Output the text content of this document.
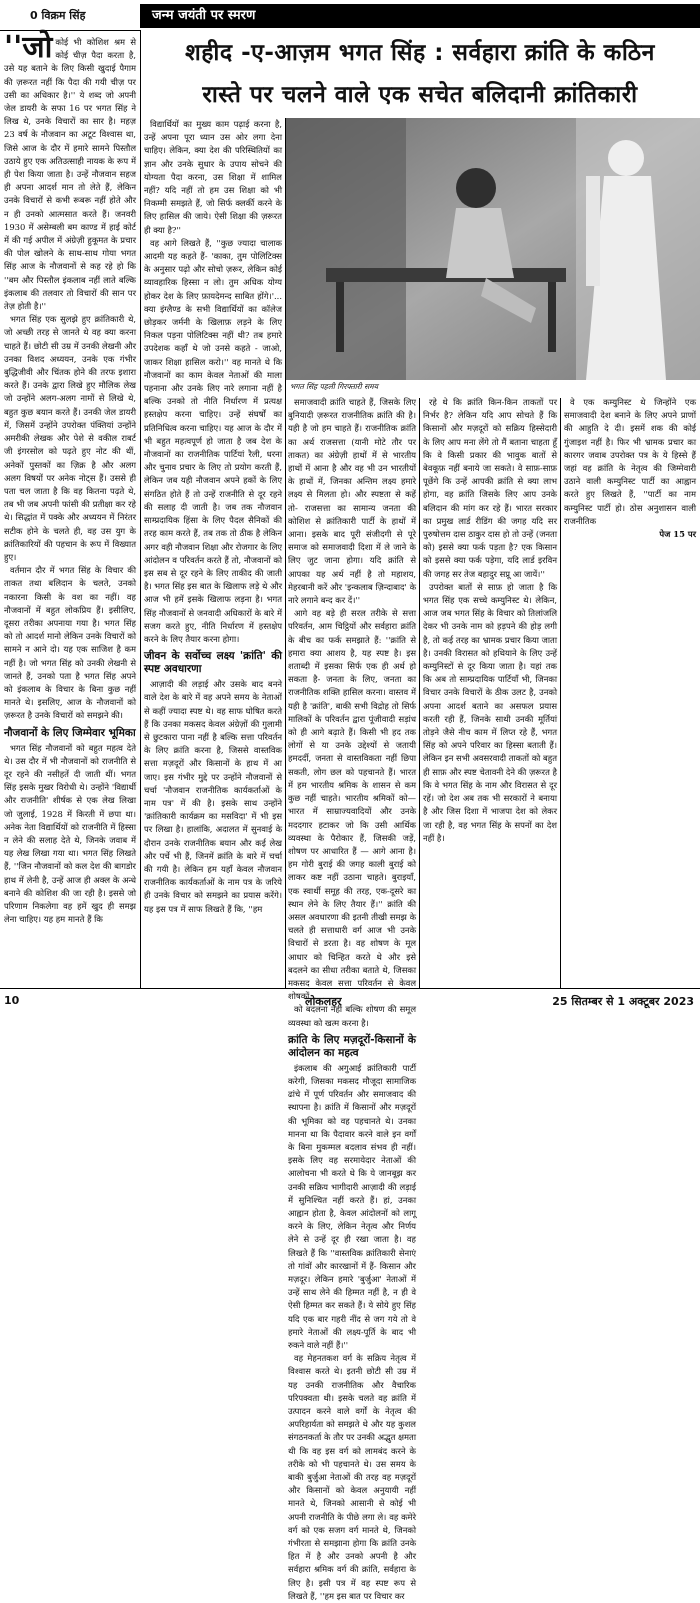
0 विक्रम सिंह	जन्म जयंती पर स्मरण
शहीद -ए-आज़म भगत सिंह : सर्वहारा क्रांति के कठिन
रास्ते पर चलने वाले एक सचेत बलिदानी क्रांतिकारी

''जो कोई भी कोशिश श्रम से कोई चीज़ पैदा करता है, उसे यह बताने के लिए किसी खुदाई पैगाम की ज़रूरत नहीं कि पैदा की गयी चीज़ पर उसी का अधिकार है।'' ये शब्द जो अपनी जेल डायरी के सफा 16 पर भगत सिंह ने लिख थे, उनके विचारों का सार है। महज़ 23 वर्ष के नौजवान का अटूट विश्वास था, जिसे आज के दौर में हमारे सामने पिस्तौल उठाये हुए एक अतिउत्साही नायक के रूप में ही पेश किया जाता है। उन्हें नौजवान सहज ही अपना आदर्श मान तो लेते हैं, लेकिन उनके विचारों से कभी रूबरू नहीं होते और न ही उनको आत्मसात करते हैं। जनवरी 1930 में असेम्बली बम काण्ड में हाई कोर्ट में की गई अपील में अंग्रेज़ी हुकूमत के प्रचार की पोल खोलने के साथ-साथ गोया भगत सिंह आज के नौजवानों से कह रहे हो कि ''बम और पिस्तौल इंकलाब नहीं लाते बल्कि इंकलाब की तलवार तो विचारों की सान पर तेज़ होती है।''

भगत सिंह एक सुलझे हुए क्रांतिकारी थे, जो अच्छी तरह से जानते थे वह क्या करना चाहते हैं। छोटी सी उम्र में उनकी लेखनी और उनका विशद अध्ययन, उनके एक गंभीर बुद्धिजीवी और चिंतक होने की तरफ इशारा करते हैं। उनके द्वारा लिखे हुए मौलिक लेख जो उन्होंने अलग-अलग नामों से लिखे थे, बहुत कुछ बयान करते हैं। उनकी जेल डायरी में, जिसमें उन्होंने उपरोक्त पंक्तियां उन्होंने अमरीकी लेखक और पेशे से वकील राबर्ट जी इंगरसोल को पढ़ते हुए नोट की थीं, अनेकों पुस्तकों का ज़िक्र है और अलग अलग विषयों पर अनेक नोट्स हैं। उससे ही पता चल जाता है कि वह कितना पढ़ते थे, तब भी जब अपनी फांसी की प्रतीक्षा कर रहे थे। सिद्धांत में पक्के और अध्ययन में निरंतर सटीक होने के चलते ही, वह उस युग के क्रांतिकारियों की पहचान के रूप में विख्यात हुए।

वर्तमान दौर में भगत सिंह के विचार की ताकत तथा बलिदान के चलते, उनको नकारना किसी के वश का नहीं। वह नौजवानों में बहुत लोकप्रिय हैं। इसीलिए, दूसरा तरीका अपनाया गया है। भगत सिंह को तो आदर्श मानो लेकिन उनके विचारों को सामने न आने दो। यह एक साजिश है कम नहीं है। जो भगत सिंह को उनकी लेखनी से जानते हैं, उनको पता है भगत सिंह अपने को इंकलाब के विचार के बिना कुछ नहीं मानते थे। इसलिए, आज के नौजवानों को ज़रूरत है उनके विचारों को समझने की।

नौजवानों के लिए जिम्मेवार भूमिका

भगत सिंह नौजवानों को बहुत महत्व देते थे। उस दौर में भी नौजवानों को राजनीति से दूर रहने की नसीहतें दी जाती थीं। भगत सिंह इसके मुखर विरोधी थे। उन्होंने 'विद्यार्थी और राजनीति' शीर्षक से एक लेख लिखा जो जुलाई, 1928 में किरती में छपा था। अनेक नेता विद्यार्थियों को राजनीति में हिस्सा न लेने की सलाह देते थे, जिनके जवाब में यह लेख लिखा गया था। भगत सिंह लिखते हैं, ''जिन नौजवानों को कल देश की बागडोर हाथ में लेनी है, उन्हें आज ही अक्ल के अन्धे बनाने की कोशिश की जा रही है। इससे जो परिणाम निकलेगा वह हमें खुद ही समझ लेना चाहिए। यह हम मानते हैं कि

विद्यार्थियों का मुख्य काम पढ़ाई करना है, उन्हें अपना पूरा ध्यान उस ओर लगा देना चाहिए। लेकिन, क्या देश की परिस्थितियों का ज्ञान और उनके सुधार के उपाय सोचने की योग्यता पैदा करना, उस शिक्षा में शामिल नहीं? यदि नहीं तो हम उस शिक्षा को भी निकम्मी समझते हैं, जो सिर्फ क्लर्की करने के लिए हासिल की जाये। ऐसी शिक्षा की ज़रूरत ही क्या है?''

वह आगे लिखते हैं, ''कुछ ज्यादा चालाक आदमी यह कहते हैं- 'काका, तुम पोलिटिक्स के अनुसार पढ़ो और सोचो ज़रूर, लेकिन कोई व्यावहारिक हिस्सा न लो। तुम अधिक योग्य होकर देश के लिए फ़ायदेमन्द साबित होंगे।'... क्या इंग्लैण्ड के सभी विद्यार्थियों का कॉलेज छोड़कर जर्मनी के खिलाफ़ लड़ने के लिए निकल पड़ना पोलिटिक्स नहीं थी? तब हमारे उपदेशक कहाँ थे जो उनसे कहते - जाओ, जाकर शिक्षा हासिल करो।'' वह मानते थे कि नौजवानों का काम केवल नेताओं की माला पहनाना और उनके लिए नारे लगाना नहीं है बल्कि उनको तो नीति निर्धारण में प्रत्यक्ष हस्तक्षेप करना चाहिए। उन्हें संघर्षों का प्रतिनिधित्व करना चाहिए। यह आज के दौर में भी बहुत महत्वपूर्ण हो जाता है जब देश के नौजवानों का राजनीतिक पार्टियां रैली, धरना और चुनाव प्रचार के लिए तो प्रयोग करती हैं, लेकिन जब यही नौजवान अपने हकों के लिए संगठित होते हैं तो उन्हें राजनीति से दूर रहने की सलाह दी जाती है। जब तक नौजवान साम्प्रदायिक हिंसा के लिए पैदल सैनिकों की तरह काम करते हैं, तब तक तो ठीक है लेकिन अगर वही नौजवान शिक्षा और रोजगार के लिए आंदोलन व परिवर्तन करते हैं तो, नौजवानों को इस सब से दूर रहने के लिए ताकीद की जाती है। भगत सिंह इस बात के खिलाफ लड़े थे और आज भी हमें इसके खिलाफ लड़ना है। भगत सिंह नौजवानों से जनवादी अधिकारों के बारे में सजग करते हुए, नीति निर्धारण में हस्तक्षेप करने के लिए तैयार करना होगा।

जीवन के सर्वोच्च लक्ष्य 'क्रांति' की स्पष्ट अवधारणा

आज़ादी की लड़ाई और उसके बाद बनने वाले देश के बारे में वह अपने समय के नेताओं से कहीं ज्यादा स्पष्ट थे। वह साफ घोषित करते हैं कि उनका मकसद केवल अंग्रेज़ों की गुलामी से छुटकारा पाना नहीं है बल्कि सत्ता परिवर्तन के लिए क्रांति करना है, जिससे वास्तविक सत्ता मज़दूरों और किसानों के हाथ में आ जाए। इस गंभीर मुद्दे पर उन्होंने नौजवानों से चर्चा 'नौजवान राजनीतिक कार्यकर्ताओं के नाम पत्र' में की है। इसके साथ उन्होंने 'क्रांतिकारी कार्यक्रम का मसविदा' में भी इस पर लिखा है। हालांकि, अदालत में सुनवाई के दौरान उनके राजनीतिक बयान और कई लेख और पर्चे भी हैं, जिनमें क्रांति के बारे में चर्चा की गयी है। लेकिन हम यहाँ केवल नौजवान राजनीतिक कार्यकर्ताओं के नाम पत्र के जरिये ही उनके विचार को समझने का प्रयास करेंगे। यह इस पत्र में साफ लिखते हैं कि, ''हम

भगत सिंह पहली गिरफ्तारी समय

समाजवादी क्रांति चाहते हैं, जिसके लिए बुनियादी ज़रूरत राजनीतिक क्रांति की है। यही है जो हम चाहते हैं। राजनीतिक क्रांति का अर्थ राजसत्ता (यानी मोटे तौर पर ताकत) का अंग्रेज़ी हाथों में से भारतीय हाथों में आना है और वह भी उन भारतीयों के हाथों में, जिनका अन्तिम लक्ष्य हमारे लक्ष्य से मिलता हो। और स्पष्टता से कहें तो- राजसत्ता का सामान्य जनता की कोशिश से क्रांतिकारी पार्टी के हाथों में आना। इसके बाद पूरी संजीदगी से पूरे समाज को समाजवादी दिशा में ले जाने के लिए जुट जाना होगा। यदि क्रांति से आपका यह अर्थ नहीं है तो महाशय, मेहरबानी करें और 'इन्कलाब ज़िन्दाबाद' के नारे लगाने बन्द कर दें।''

आगे वह बड़े ही सरल तरीके से सत्ता परिवर्तन, आम चिट्ठियों और सर्वहारा क्रांति के बीच का फर्क समझाते हैं: ''क्रांति से हमारा क्या आशय है, यह स्पष्ट है। इस शताब्दी में इसका सिर्फ एक ही अर्थ हो सकता है- जनता के लिए, जनता का राजनीतिक शक्ति हासिल करना। वास्तव में यही है 'क्रांति', बाकी सभी विद्रोह तो सिर्फ मालिकों के परिवर्तन द्वारा पूंजीवादी सड़ांध को ही आगे बढ़ाते हैं। किसी भी हद तक लोगों से या उनके उद्देश्यों से जतायी हमदर्दी, जनता से वास्तविकता नहीं छिपा सकती, लोग छल को पहचानते हैं। भारत में हम भारतीय श्रमिक के शासन से कम कुछ नहीं चाहते। भारतीय श्रमिकों को— भारत में साम्राज्यवादियों और उनके मददगार हटाकर जो कि उसी आर्थिक व्यवस्था के पैरोकार हैं, जिसकी जड़ें, शोषण पर आधारित हैं — आगे आना है। हम गोरी बुराई की जगह काली बुराई को लाकर कष्ट नहीं उठाना चाहते। बुराइयाँ, एक स्वार्थी समूह की तरह, एक-दूसरे का स्थान लेने के लिए तैयार हैं।'' क्रांति की असल अवधारणा की इतनी तीखी समझ के चलते ही सत्ताधारी वर्ग आज भी उनके विचारों से डरता है। वह शोषण के मूल आधार को चिन्हित करते थे और इसे बदलने का सीधा तरीका बताते थे, जिसका मकसद केवल सत्ता परिवर्तन से केवल शोषकों

को बदलना नहीं बल्कि शोषण की समूल व्यवस्था को खत्म करना है।

क्रांति के लिए मज़दूरों-किसानों के आंदोलन का महत्व

इंकलाब की अगुआई क्रांतिकारी पार्टी करेगी, जिसका मकसद मौजूदा सामाजिक ढांचे में पूर्ण परिवर्तन और समाजवाद की स्थापना है। क्रांति में किसानों और मज़दूरों की भूमिका को वह पहचानते थे। उनका मानना था कि पैदावार करने वाले इन वर्गों के बिना मुकम्मल बदलाव संभव ही नहीं। इसके लिए वह सरमायेदार नेताओं की आलोचना भी करते थे कि ये जानबूझ कर उनकी सक्रिय भागीदारी आज़ादी की लड़ाई में सुनिश्चित नहीं करते हैं। हां, उनका आह्वान होता है, केवल आंदोलनों को लागू करने के लिए, लेकिन नेतृत्व और निर्णय लेने से उन्हें दूर ही रखा जाता है। वह लिखते हैं कि ''वास्तविक क्रांतिकारी सेनाएं तो गांवों और कारखानों में हैं- किसान और मज़दूर। लेकिन हमारे 'बुर्जुआ' नेताओं में उन्हें साथ लेने की हिम्मत नहीं है, न ही वे ऐसी हिम्मत कर सकते हैं। ये सोये हुए सिंह यदि एक बार गहरी नींद से जग गये तो वे हमारे नेताओं की लक्ष्य-पूर्ति के बाद भी रुकने वाले नहीं हैं।''

वह मेहनतकश वर्ग के सक्रिय नेतृत्व में विश्वास करते थे। इतनी छोटी सी उम्र में यह उनकी राजनीतिक और वैचारिक परिपक्वता थी। इसके चलते वह क्रांति में उत्पादन करने वाले वर्गों के नेतृत्व की अपरिहार्यता को समझते थे और यह कुशल संगठनकर्ता के तौर पर उनकी अद्भुत क्षमता थी कि वह इस वर्ग को लामबंद करने के तरीके को भी पहचानते थे। उस समय के बाकी बुर्जुआ नेताओं की तरह वह मज़दूरों और किसानों को केवल अनुयायी नहीं मानते थे, जिनको आसानी से कोई भी अपनी राजनीति के पीछे लगा ले। वह कमेरे वर्ग को एक सजग वर्ग मानते थे, जिनको गंभीरता से समझाना होगा कि क्रांति उनके हित में है और उनको अपनी है और सर्वहारा श्रमिक वर्ग की क्रांति, सर्वहारा के लिए है। इसी पत्र में वह स्पष्ट रूप से लिखते हैं, ''हम इस बात पर विचार कर

रहे थे कि क्रांति किन-किन ताकतों पर निर्भर है? लेकिन यदि आप सोचते हैं कि किसानों और मज़दूरों को सक्रिय हिस्सेदारी के लिए आप मना लेंगे तो मैं बताना चाहता हूँ कि वे किसी प्रकार की भावुक बातों से बेवकूफ़ नहीं बनाये जा सकते। वे साफ़-साफ़ पूछेंगे कि उन्हें आपकी क्रांति से क्या लाभ होगा, वह क्रांति जिसके लिए आप उनके बलिदान की मांग कर रहे हैं। भारत सरकार का प्रमुख लार्ड रीडिंग की जगह यदि सर पुरुषोत्तम दास ठाकुर दास हो तो उन्हें (जनता को) इससे क्या फर्क पड़ता है? एक किसान को इससे क्या फर्क पड़ेगा, यदि लार्ड इरविन की जगह सर तेज बहादुर सप्रू आ जायें।''

उपरोक्त बातों से साफ़ हो जाता है कि भगत सिंह एक सच्चे कम्युनिस्ट थे। लेकिन, आज जब भगत सिंह के विचार को तिलांजलि देकर भी उनके नाम को हड़पने की होड़ लगी है, तो कई तरह का भ्रामक प्रचार किया जाता है। उनकी विरासत को हथियाने के लिए उन्हें कम्युनिस्टों से दूर किया जाता है। यहां तक कि अब तो साम्प्रदायिक पार्टियाँ भी, जिनका विचार उनके विचारों के ठीक उलट है, उनको अपना आदर्श बताने का असफल प्रयास करती रही हैं, जिनके साथी उनकी मूर्तियां तोड़ने जैसे नीच काम में लिप्त रहे हैं, भगत सिंह को अपने परिवार का हिस्सा बताती हैं। लेकिन इन सभी अवसरवादी ताकतों को बहुत ही साफ़ और स्पष्ट चेतावनी देने की ज़रूरत है कि वे भगत सिंह के नाम और विरासत से दूर रहें। जो देश अब तक भी सरकारों ने बनाया है और जिस दिशा में भाजपा देश को लेकर जा रही है, वह भगत सिंह के सपनों का देश नहीं है।

वे एक कम्युनिस्ट थे जिन्होंने एक समाजवादी देश बनाने के लिए अपने प्राणों की आहुति दे दी। इसमें शक की कोई गुंजाइश नहीं है। फिर भी भ्रामक प्रचार का कारगर जवाब उपरोक्त पत्र के ये हिस्से हैं जहां वह क्रांति के नेतृत्व की जिम्मेवारी उठाने वाली कम्युनिस्ट पार्टी का आह्वान करते हुए लिखते हैं, ''पार्टी का नाम कम्युनिस्ट पार्टी हो। ठोस अनुशासन वाली राजनीतिक

पेज 15 पर
10	लोकलहर	25 सितम्बर से 1 अक्टूबर 2023
